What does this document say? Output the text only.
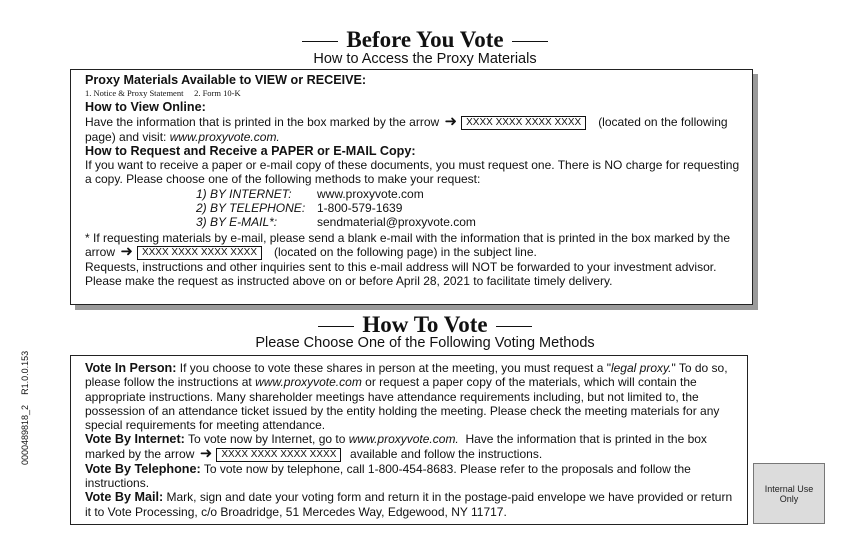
Before You Vote
How to Access the Proxy Materials

Proxy Materials Available to VIEW or RECEIVE:

1. Notice & Proxy Statement     2. Form 10-K

How to View Online:

Have the information that is printed in the box marked by the arrow ➜ XXXX XXXX XXXX XXXX (located on the following page) and visit: www.proxyvote.com.

How to Request and Receive a PAPER or E-MAIL Copy:

If you want to receive a paper or e-mail copy of these documents, you must request one. There is NO charge for requesting a copy. Please choose one of the following methods to make your request:

1) BY INTERNET:	www.proxyvote.com
2) BY TELEPHONE: 1-800-579-1639
3) BY E-MAIL*:	sendmaterial@proxyvote.com

* If requesting materials by e-mail, please send a blank e-mail with the information that is printed in the box marked by the arrow ➜ XXXX XXXX XXXX XXXX (located on the following page) in the subject line.

Requests, instructions and other inquiries sent to this e-mail address will NOT be forwarded to your investment advisor. Please make the request as instructed above on or before April 28, 2021 to facilitate timely delivery.

How To Vote
Please Choose One of the Following Voting Methods

Vote In Person: If you choose to vote these shares in person at the meeting, you must request a "legal proxy." To do so, please follow the instructions at www.proxyvote.com or request a paper copy of the materials, which will contain the appropriate instructions. Many shareholder meetings have attendance requirements including, but not limited to, the possession of an attendance ticket issued by the entity holding the meeting. Please check the meeting materials for any special requirements for meeting attendance.

Vote By Internet: To vote now by Internet, go to www.proxyvote.com. Have the information that is printed in the box marked by the arrow ➜ XXXX XXXX XXXX XXXX available and follow the instructions.

Vote By Telephone: To vote now by telephone, call 1-800-454-8683. Please refer to the proposals and follow the instructions.

Vote By Mail: Mark, sign and date your voting form and return it in the postage-paid envelope we have provided or return it to Vote Processing, c/o Broadridge, 51 Mercedes Way, Edgewood, NY 11717.

0000489818_2    R1.0.0.153
Internal Use Only
